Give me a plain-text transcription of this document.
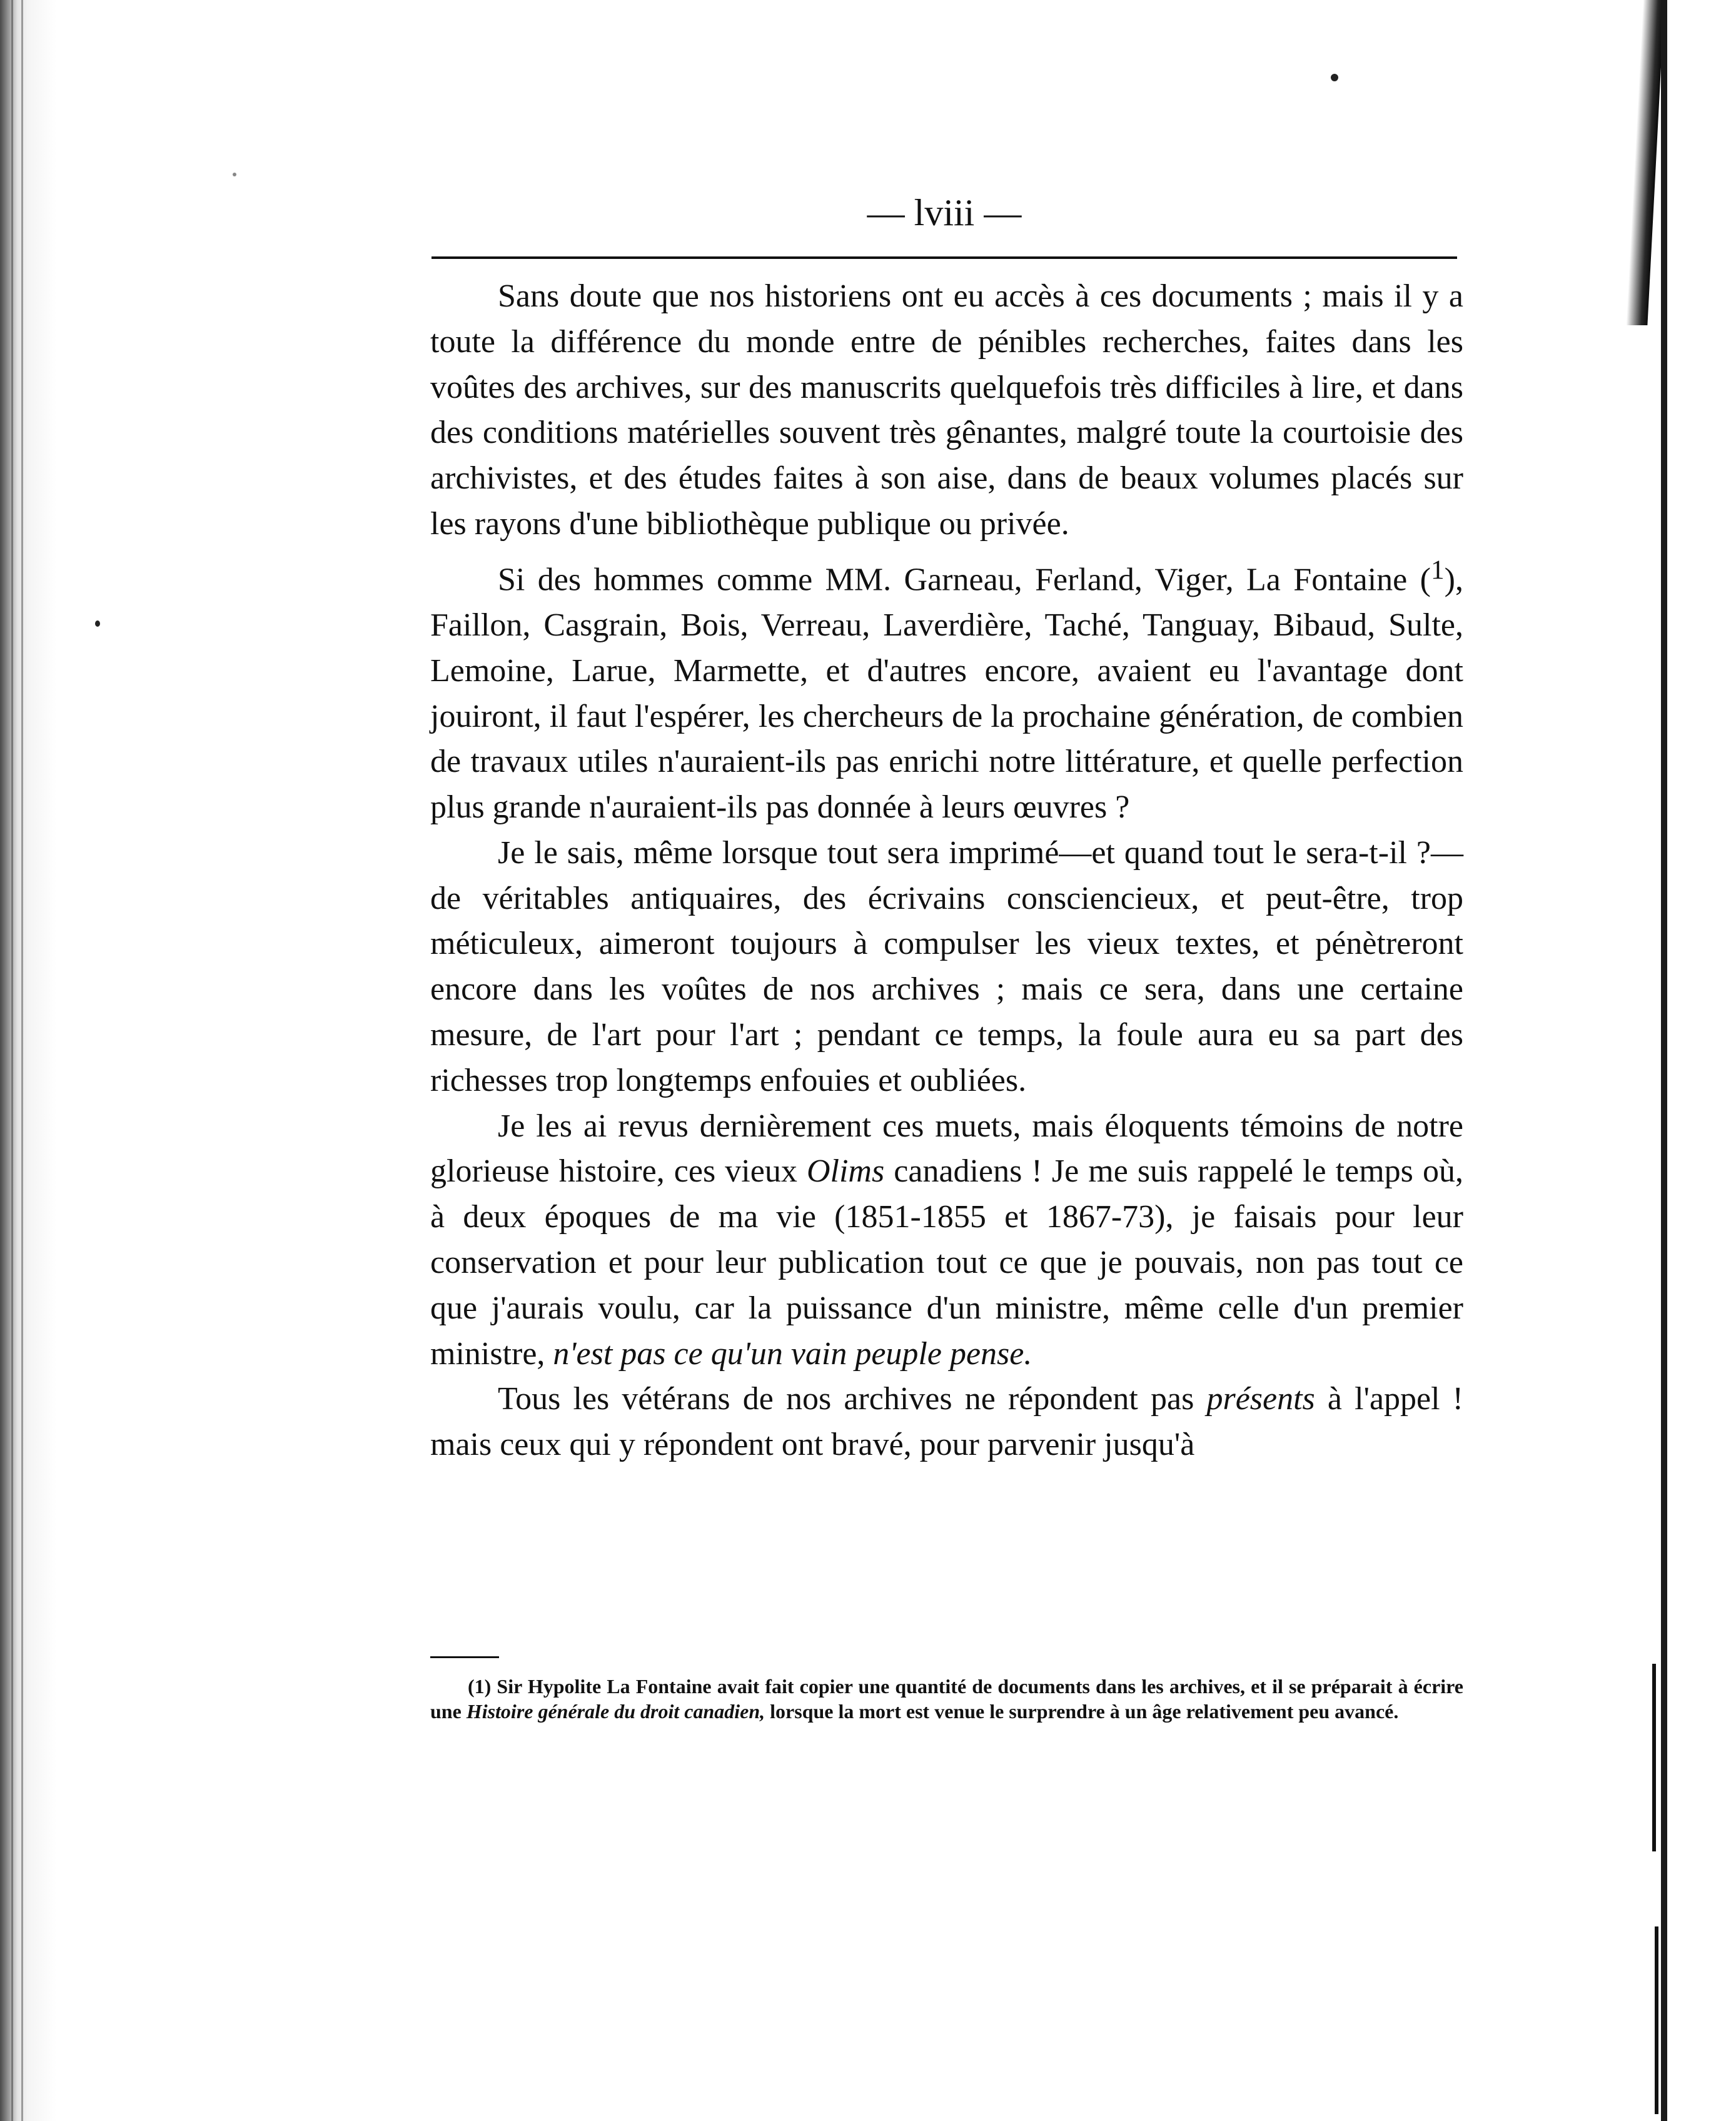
— lviii —

Sans doute que nos historiens ont eu accès à ces documents ; mais il y a toute la différence du monde entre de pénibles recherches, faites dans les voûtes des archives, sur des manuscrits quelquefois très difficiles à lire, et dans des conditions matérielles souvent très gênantes, malgré toute la courtoisie des archivistes, et des études faites à son aise, dans de beaux volumes placés sur les rayons d'une bibliothèque publique ou privée.

Si des hommes comme MM. Garneau, Ferland, Viger, La Fontaine ($^1$), Faillon, Casgrain, Bois, Verreau, Laverdière, Taché, Tanguay, Bibaud, Sulte, Lemoine, Larue, Marmette, et d'autres encore, avaient eu l'avantage dont jouiront, il faut l'espérer, les chercheurs de la prochaine génération, de combien de travaux utiles n'auraient-ils pas enrichi notre littérature, et quelle perfection plus grande n'auraient-ils pas donnée à leurs œuvres ?

Je le sais, même lorsque tout sera imprimé—et quand tout le sera-t-il ?—de véritables antiquaires, des écrivains consciencieux, et peut-être, trop méticuleux, aimeront toujours à compulser les vieux textes, et pénètreront encore dans les voûtes de nos archives ; mais ce sera, dans une certaine mesure, de l'art pour l'art ; pendant ce temps, la foule aura eu sa part des richesses trop longtemps enfouies et oubliées.

Je les ai revus dernièrement ces muets, mais éloquents témoins de notre glorieuse histoire, ces vieux Olims canadiens ! Je me suis rappelé le temps où, à deux époques de ma vie (1851-1855 et 1867-73), je faisais pour leur conservation et pour leur publication tout ce que je pouvais, non pas tout ce que j'aurais voulu, car la puissance d'un ministre, même celle d'un premier ministre, n'est pas ce qu'un vain peuple pense.

Tous les vétérans de nos archives ne répondent pas présents à l'appel ! mais ceux qui y répondent ont bravé, pour parvenir jusqu'à

(1) Sir Hypolite La Fontaine avait fait copier une quantité de documents dans les archives, et il se préparait à écrire une Histoire générale du droit canadien, lorsque la mort est venue le surprendre à un âge relativement peu avancé.
